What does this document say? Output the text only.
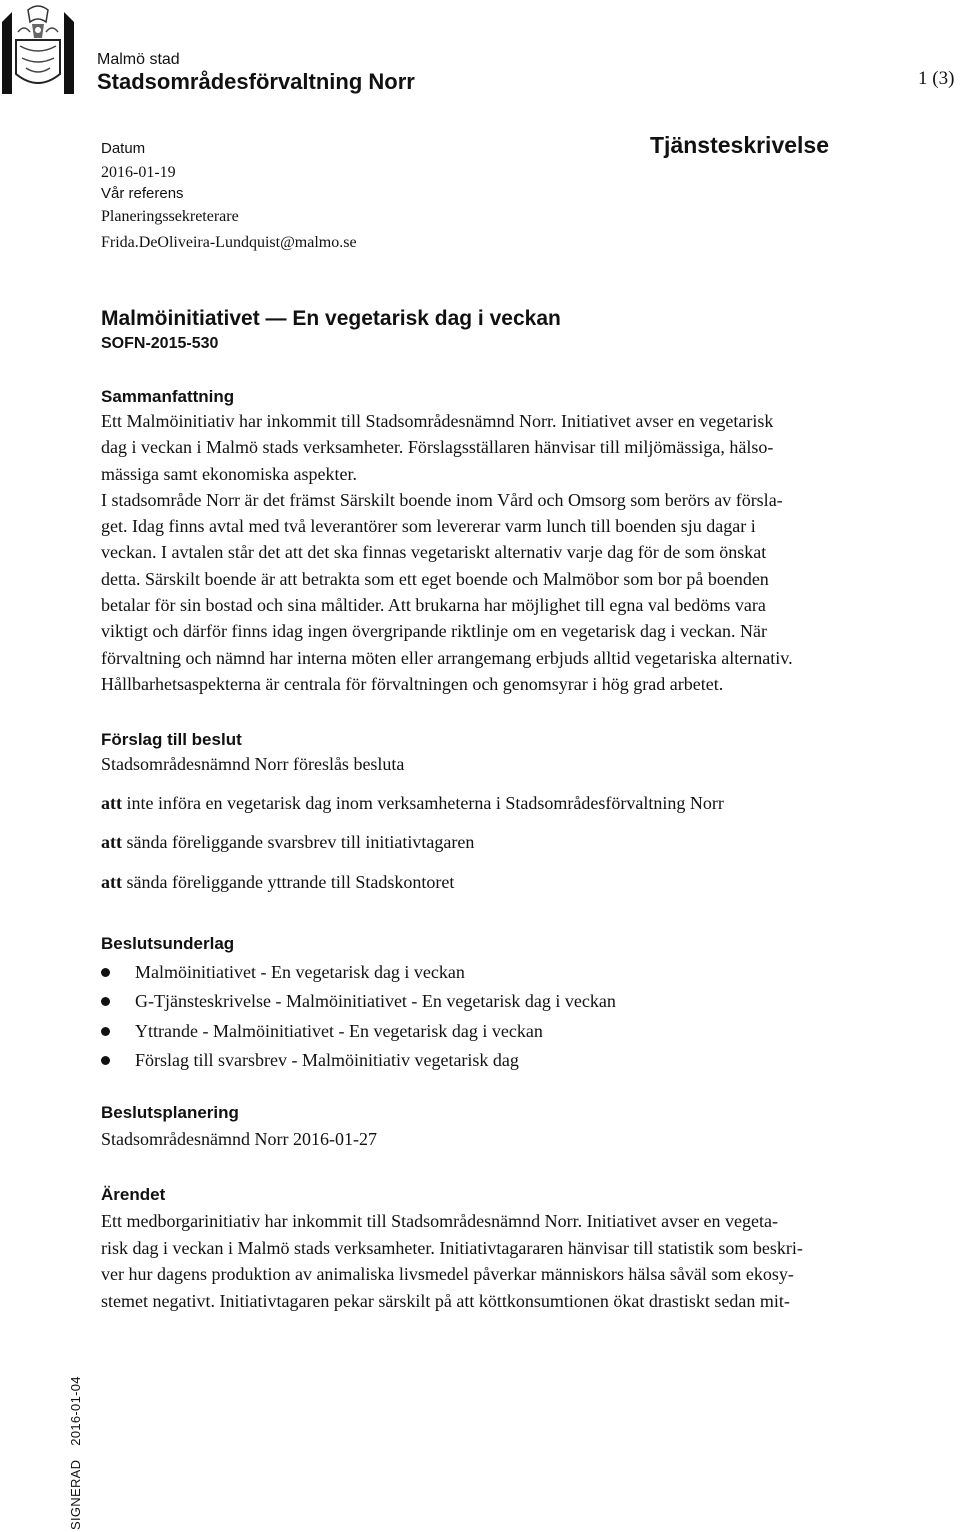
Malmö stad
Stadsområdesförvaltning Norr	1 (3)
Tjänsteskrivelse
Datum
2016-01-19
Vår referens
Planeringssekreterare
Frida.DeOliveira-Lundquist@malmo.se
Malmöinitiativet — En vegetarisk dag i veckan
SOFN-2015-530
Sammanfattning
Ett Malmöinitiativ har inkommit till Stadsområdesnämnd Norr. Initiativet avser en vegetarisk
dag i veckan i Malmö stads verksamheter. Förslagsställaren hänvisar till miljömässiga, hälso-
mässiga samt ekonomiska aspekter.
I stadsområde Norr är det främst Särskilt boende inom Vård och Omsorg som berörs av försla-
get. Idag finns avtal med två leverantörer som levererar varm lunch till boenden sju dagar i
veckan. I avtalen står det att det ska finnas vegetariskt alternativ varje dag för de som önskat
detta. Särskilt boende är att betrakta som ett eget boende och Malmöbor som bor på boenden
betalar för sin bostad och sina måltider. Att brukarna har möjlighet till egna val bedöms vara
viktigt och därför finns idag ingen övergripande riktlinje om en vegetarisk dag i veckan. När
förvaltning och nämnd har interna möten eller arrangemang erbjuds alltid vegetariska alternativ.
Hållbarhetsaspekterna är centrala för förvaltningen och genomsyrar i hög grad arbetet.
Förslag till beslut
Stadsområdesnämnd Norr föreslås besluta
att inte införa en vegetarisk dag inom verksamheterna i Stadsområdesförvaltning Norr
att sända föreliggande svarsbrev till initiativtagaren
att sända föreliggande yttrande till Stadskontoret
Beslutsunderlag
Malmöinitiativet - En vegetarisk dag i veckan
G-Tjänsteskrivelse - Malmöinitiativet - En vegetarisk dag i veckan
Yttrande - Malmöinitiativet - En vegetarisk dag i veckan
Förslag till svarsbrev - Malmöinitiativ vegetarisk dag
Beslutsplanering
Stadsområdesnämnd Norr 2016-01-27
Ärendet
Ett medborgarinitiativ har inkommit till Stadsområdesnämnd Norr. Initiativet avser en vegeta-
risk dag i veckan i Malmö stads verksamheter. Initiativtagararen hänvisar till statistik som beskri-
ver hur dagens produktion av animaliska livsmedel påverkar människors hälsa såväl som ekosy-
stemet negativt. Initiativtagaren pekar särskilt på att köttkonsumtionen ökat drastiskt sedan mit-
SIGNERAD2016-01-04
